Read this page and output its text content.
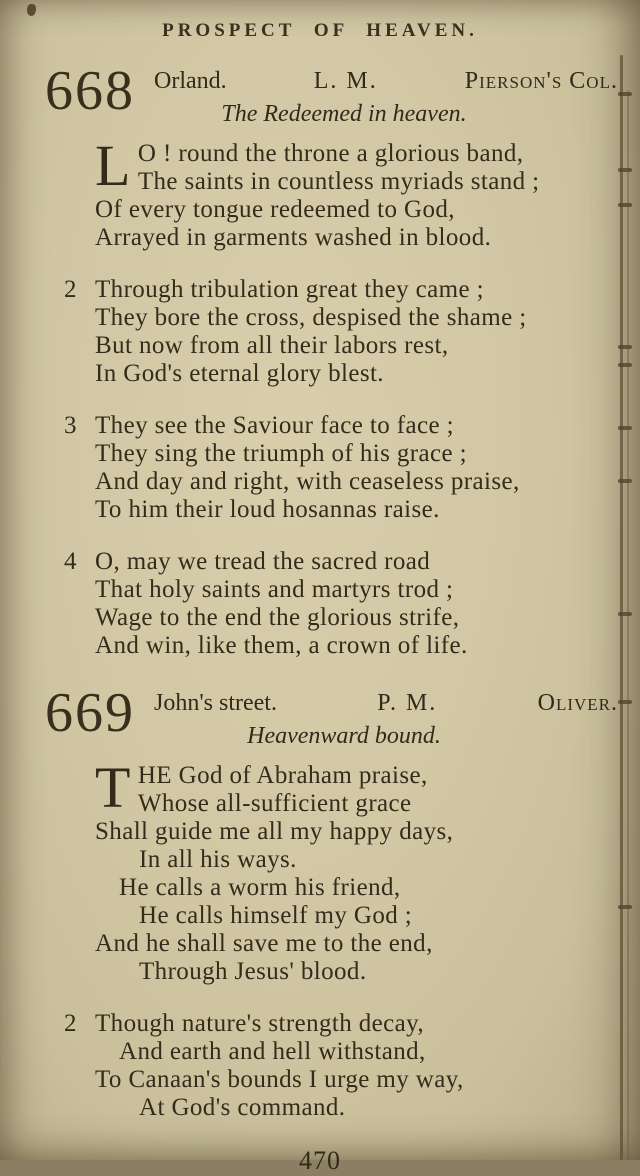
PROSPECT OF HEAVEN.
668 Orland.	L. M.	Pierson's Col.
The Redeemed in heaven.
L O ! round the throne a glorious band,
The saints in countless myriads stand ;
Of every tongue redeemed to God,
Arrayed in garments washed in blood.
2 Through tribulation great they came ;
They bore the cross, despised the shame ;
But now from all their labors rest,
In God's eternal glory blest.
3 They see the Saviour face to face ;
They sing the triumph of his grace ;
And day and right, with ceaseless praise,
To him their loud hosannas raise.
4 O, may we tread the sacred road
That holy saints and martyrs trod ;
Wage to the end the glorious strife,
And win, like them, a crown of life.
669 John's street.	P. M.	Oliver.
Heavenward bound.
T HE God of Abraham praise,
Whose all-sufficient grace
Shall guide me all my happy days,
In all his ways.
He calls a worm his friend,
He calls himself my God ;
And he shall save me to the end,
Through Jesus' blood.
2 Though nature's strength decay,
And earth and hell withstand,
To Canaan's bounds I urge my way,
At God's command.
470
